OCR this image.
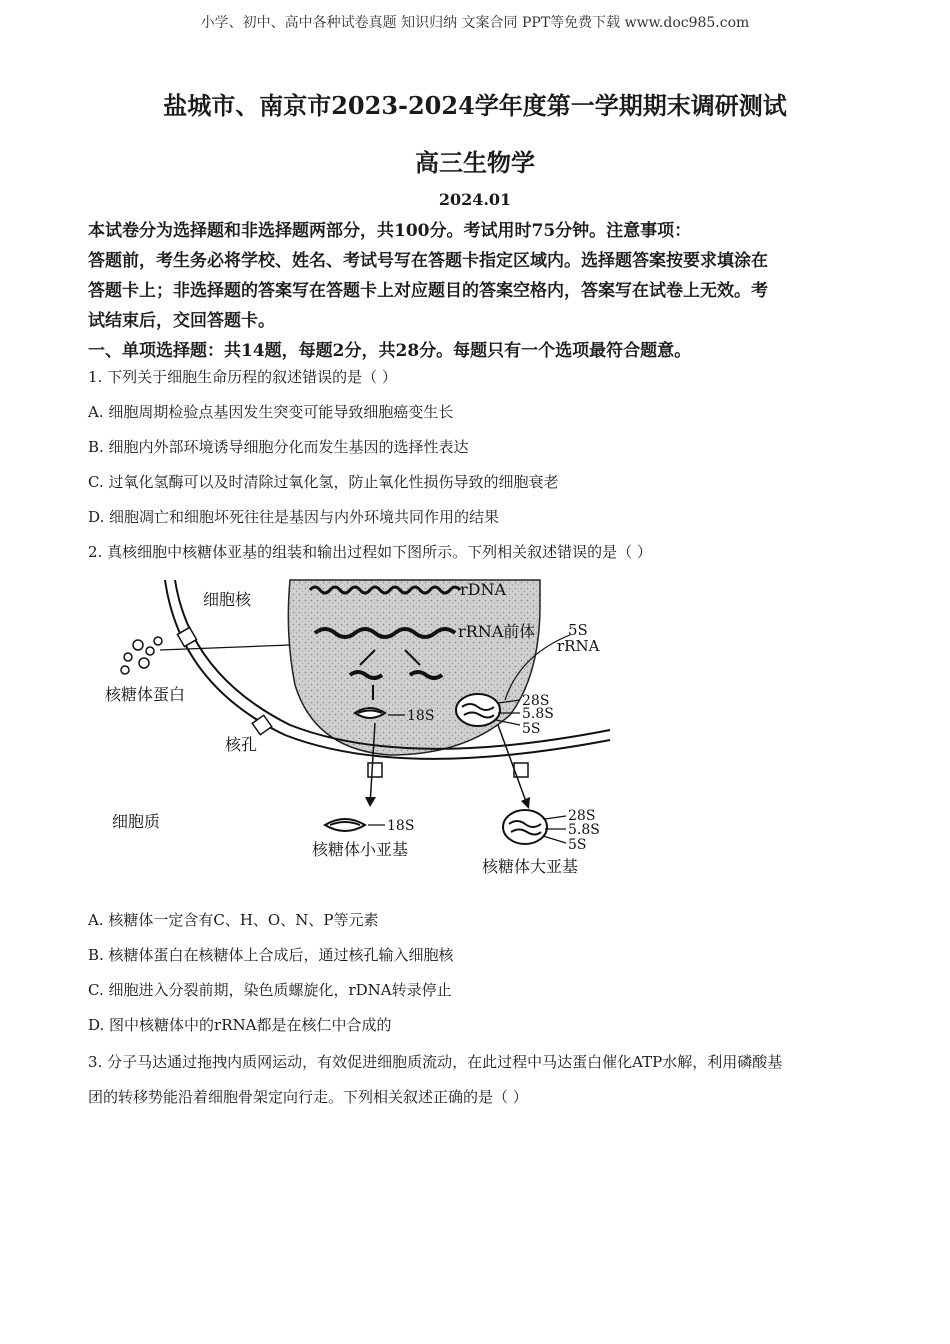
小学、初中、高中各种试卷真题 知识归纳 文案合同 PPT等免费下载 www.doc985.com
盐城市、南京市2023-2024学年度第一学期期末调研测试
高三生物学
2024.01
本试卷分为选择题和非选择题两部分，共100分。考试用时75分钟。注意事项：
答题前，考生务必将学校、姓名、考试号写在答题卡指定区域内。选择题答案按要求填涂在
答题卡上；非选择题的答案写在答题卡上对应题目的答案空格内，答案写在试卷上无效。考
试结束后，交回答题卡。
一、单项选择题：共14题，每题2分，共28分。每题只有一个选项最符合题意。
1. 下列关于细胞生命历程的叙述错误的是（ ）
A. 细胞周期检验点基因发生突变可能导致细胞癌变生长
B. 细胞内外部环境诱导细胞分化而发生基因的选择性表达
C. 过氧化氢酶可以及时清除过氧化氢，防止氧化性损伤导致的细胞衰老
D. 细胞凋亡和细胞坏死往往是基因与内外环境共同作用的结果
2. 真核细胞中核糖体亚基的组装和输出过程如下图所示。下列相关叙述错误的是（ ）
细胞核
rDNA
rRNA前体 5S
rRNA
核糖体蛋白	28S
5.8S
5S
18S
核孔
细胞质	18S
核糖体小亚基
28S
5.8S
5S
核糖体大亚基
A. 核糖体一定含有C、H、O、N、P等元素
B. 核糖体蛋白在核糖体上合成后，通过核孔输入细胞核
C. 细胞进入分裂前期，染色质螺旋化，rDNA转录停止
D. 图中核糖体中的rRNA都是在核仁中合成的
3. 分子马达通过拖拽内质网运动，有效促进细胞质流动，在此过程中马达蛋白催化ATP水解，利用磷酸基
团的转移势能沿着细胞骨架定向行走。下列相关叙述正确的是（ ）
